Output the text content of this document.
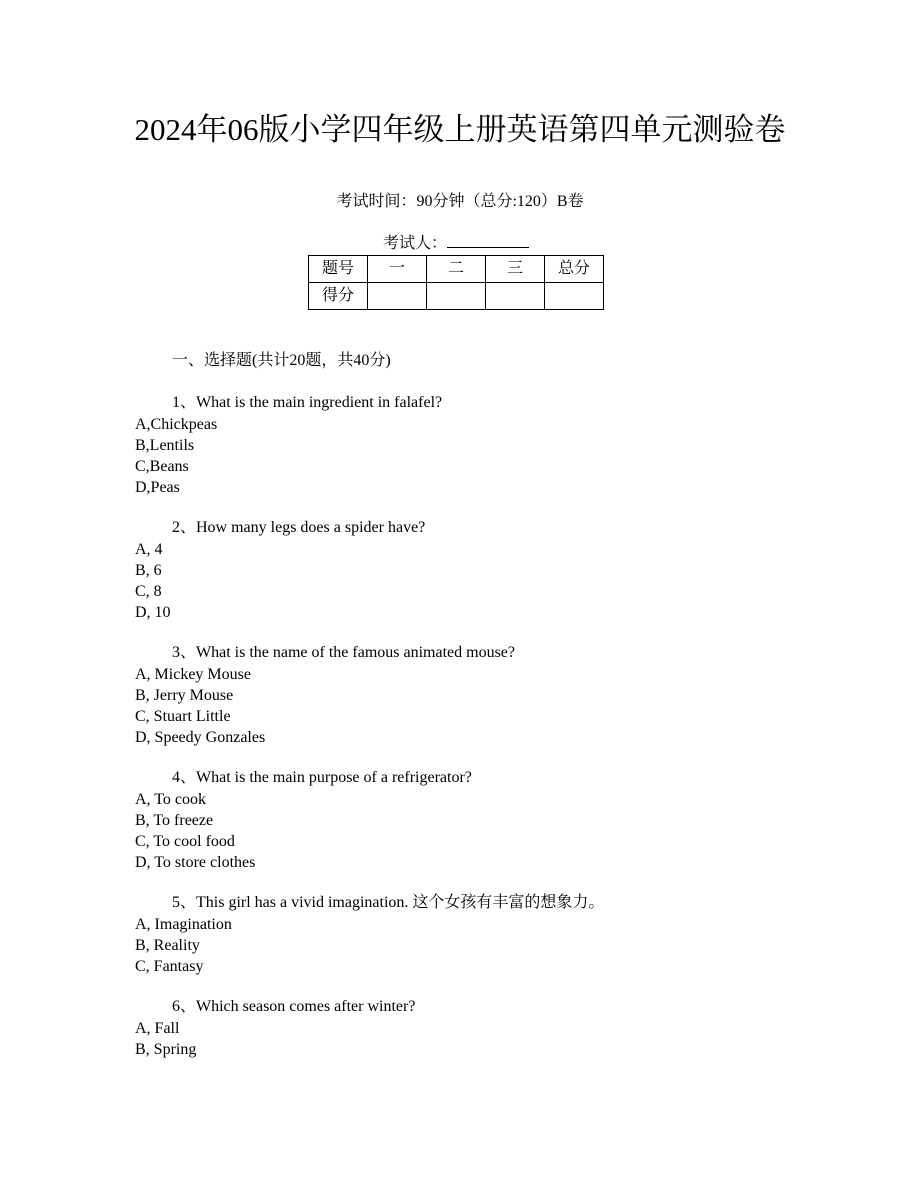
2024年06版小学四年级上册英语第四单元测验卷
考试时间：90分钟（总分:120）B卷
考试人：
题号	一	二	三	总分
得分				
一、选择题(共计20题，共40分)
1、What is the main ingredient in falafel?
A,Chickpeas
B,Lentils
C,Beans
D,Peas
2、How many legs does a spider have?
A, 4
B, 6
C, 8
D, 10
3、What is the name of the famous animated mouse?
A, Mickey Mouse
B, Jerry Mouse
C, Stuart Little
D, Speedy Gonzales
4、What is the main purpose of a refrigerator?
A, To cook
B, To freeze
C, To cool food
D, To store clothes
5、This girl has a vivid imagination. 这个女孩有丰富的想象力。
A, Imagination
B, Reality
C, Fantasy
6、Which season comes after winter?
A, Fall
B, Spring
